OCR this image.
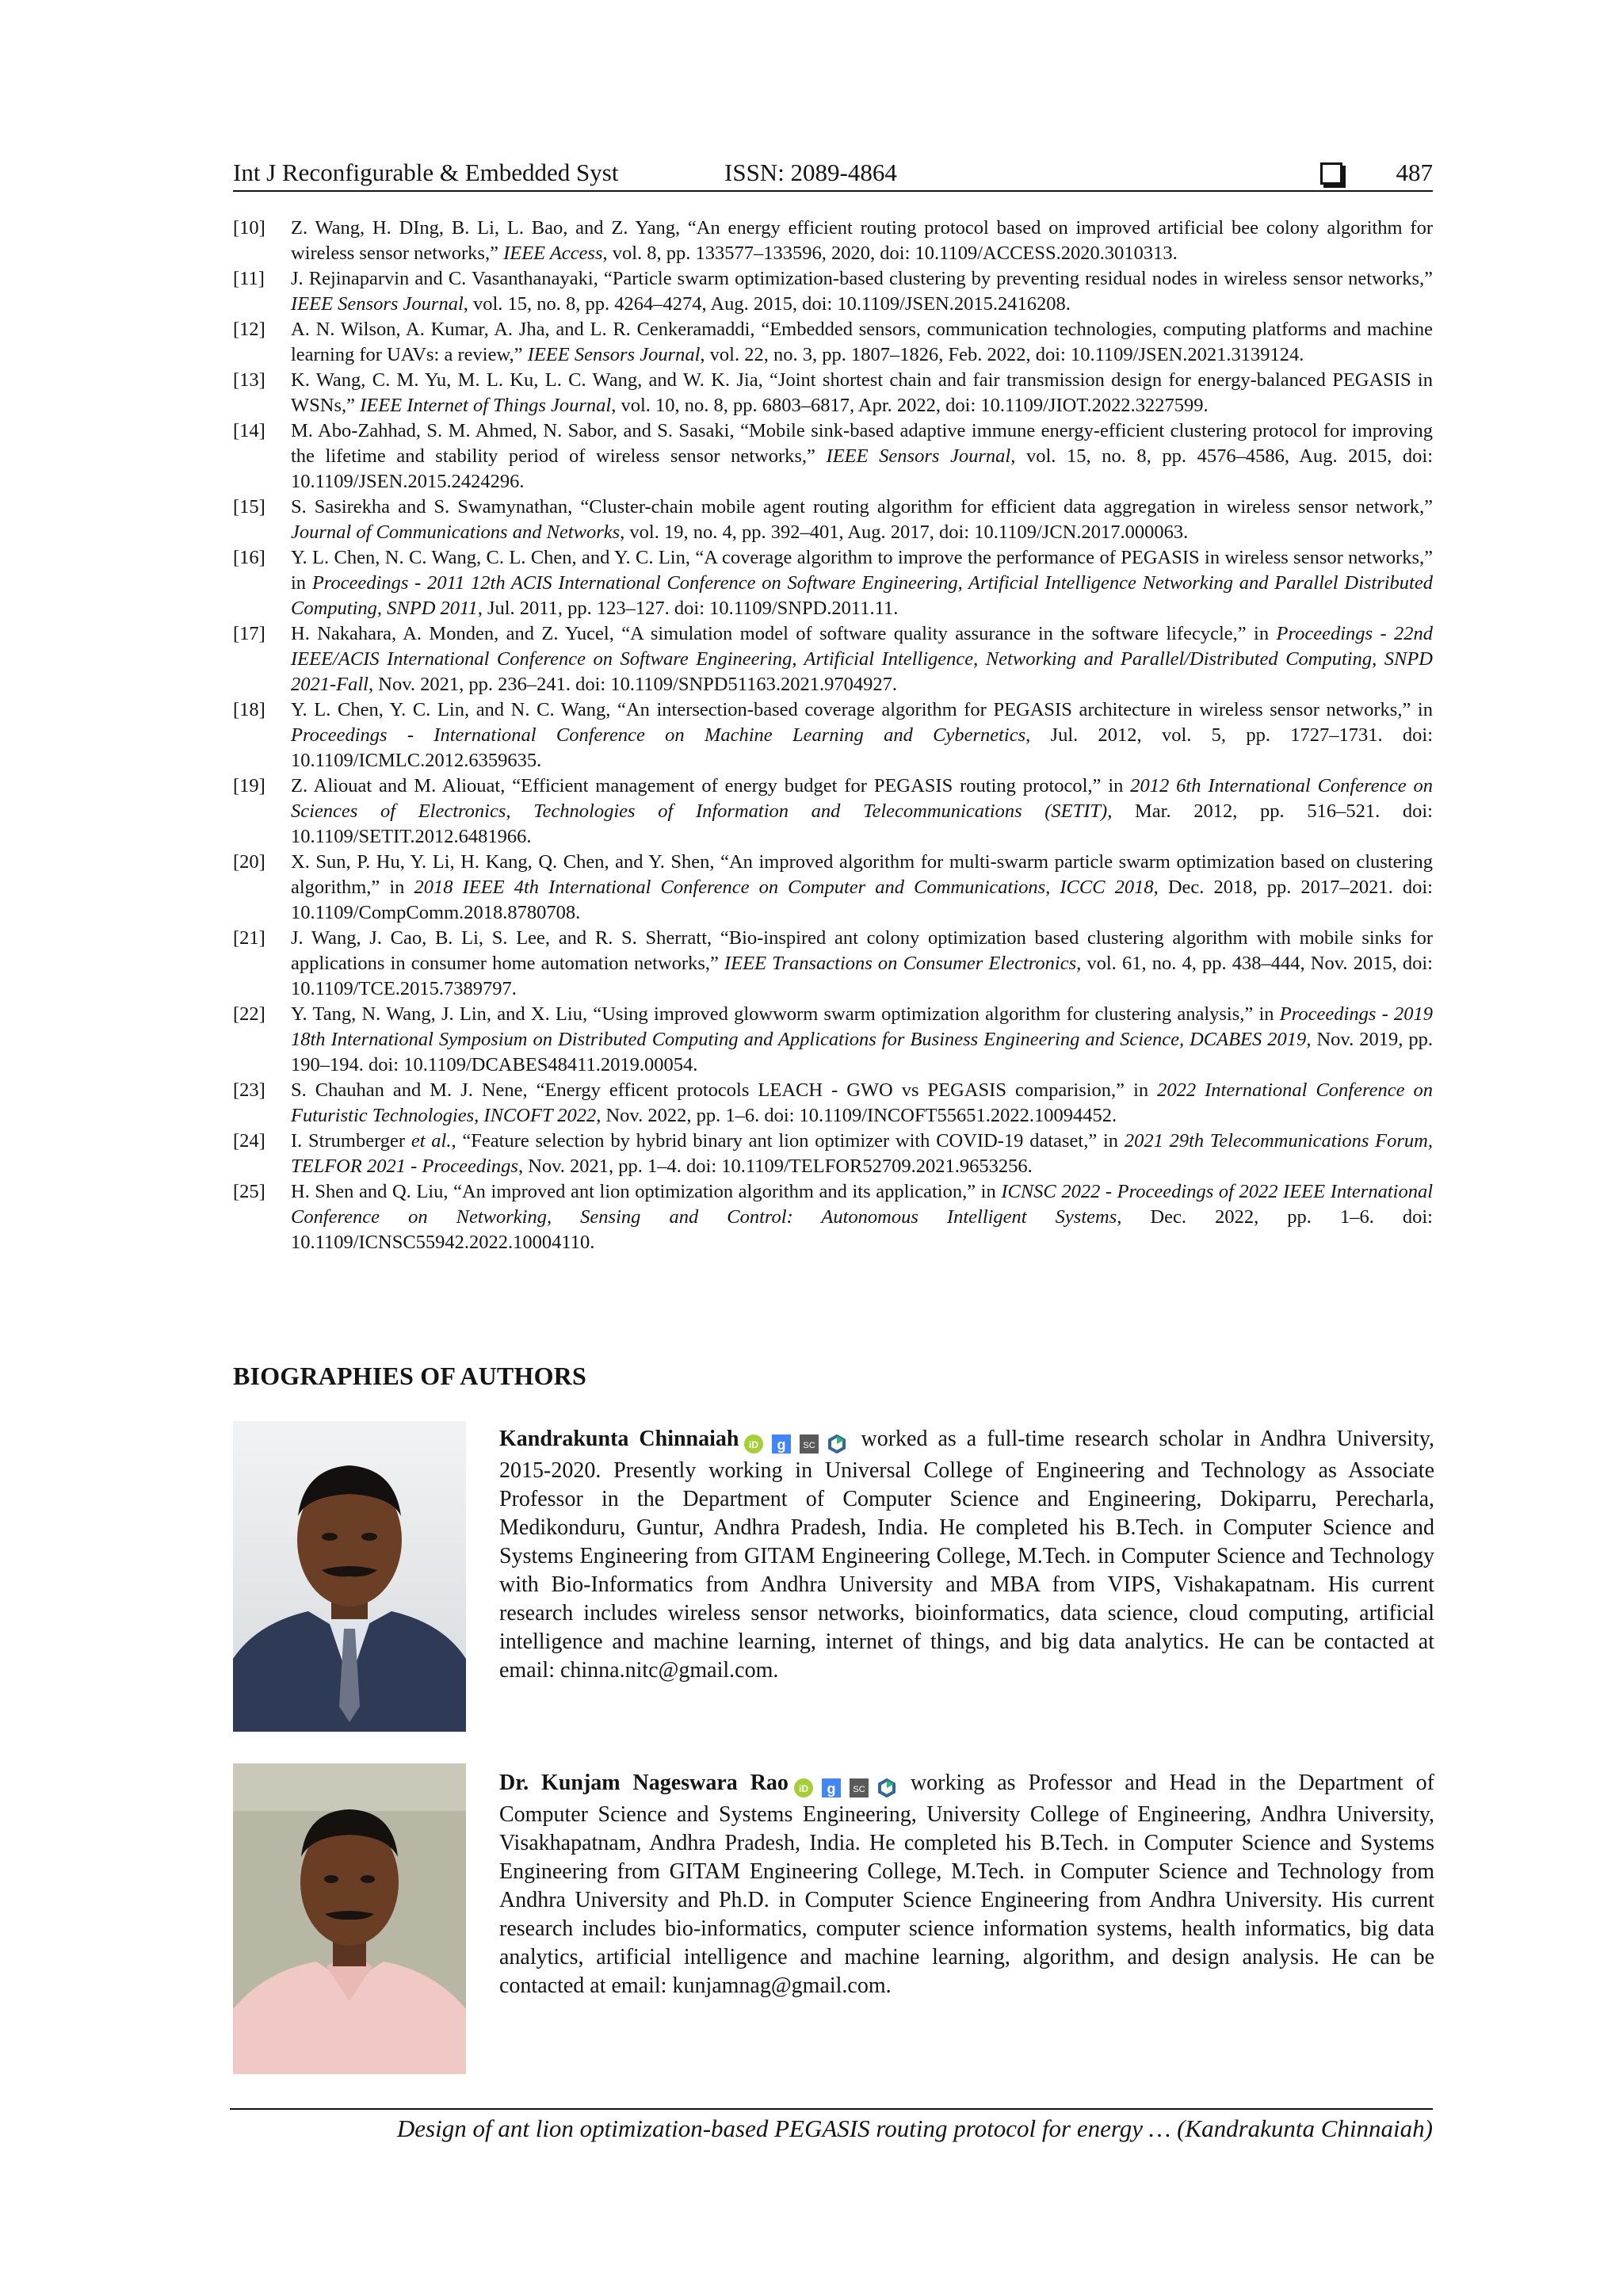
Int J Reconfigurable & Embedded Syst	ISSN: 2089-4864	487

[10] Z. Wang, H. DIng, B. Li, L. Bao, and Z. Yang, “An energy efficient routing protocol based on improved artificial bee colony algorithm for wireless sensor networks,” IEEE Access, vol. 8, pp. 133577–133596, 2020, doi: 10.1109/ACCESS.2020.3010313.

[11] J. Rejinaparvin and C. Vasanthanayaki, “Particle swarm optimization-based clustering by preventing residual nodes in wireless sensor networks,” IEEE Sensors Journal, vol. 15, no. 8, pp. 4264–4274, Aug. 2015, doi: 10.1109/JSEN.2015.2416208.

[12] A. N. Wilson, A. Kumar, A. Jha, and L. R. Cenkeramaddi, “Embedded sensors, communication technologies, computing platforms and machine learning for UAVs: a review,” IEEE Sensors Journal, vol. 22, no. 3, pp. 1807–1826, Feb. 2022, doi: 10.1109/JSEN.2021.3139124.

[13] K. Wang, C. M. Yu, M. L. Ku, L. C. Wang, and W. K. Jia, “Joint shortest chain and fair transmission design for energy-balanced PEGASIS in WSNs,” IEEE Internet of Things Journal, vol. 10, no. 8, pp. 6803–6817, Apr. 2022, doi: 10.1109/JIOT.2022.3227599.

[14] M. Abo-Zahhad, S. M. Ahmed, N. Sabor, and S. Sasaki, “Mobile sink-based adaptive immune energy-efficient clustering protocol for improving the lifetime and stability period of wireless sensor networks,” IEEE Sensors Journal, vol. 15, no. 8, pp. 4576–4586, Aug. 2015, doi: 10.1109/JSEN.2015.2424296.

[15] S. Sasirekha and S. Swamynathan, “Cluster-chain mobile agent routing algorithm for efficient data aggregation in wireless sensor network,” Journal of Communications and Networks, vol. 19, no. 4, pp. 392–401, Aug. 2017, doi: 10.1109/JCN.2017.000063.

[16] Y. L. Chen, N. C. Wang, C. L. Chen, and Y. C. Lin, “A coverage algorithm to improve the performance of PEGASIS in wireless sensor networks,” in Proceedings - 2011 12th ACIS International Conference on Software Engineering, Artificial Intelligence Networking and Parallel Distributed Computing, SNPD 2011, Jul. 2011, pp. 123–127. doi: 10.1109/SNPD.2011.11.

[17] H. Nakahara, A. Monden, and Z. Yucel, “A simulation model of software quality assurance in the software lifecycle,” in Proceedings - 22nd IEEE/ACIS International Conference on Software Engineering, Artificial Intelligence, Networking and Parallel/Distributed Computing, SNPD 2021-Fall, Nov. 2021, pp. 236–241. doi: 10.1109/SNPD51163.2021.9704927.

[18] Y. L. Chen, Y. C. Lin, and N. C. Wang, “An intersection-based coverage algorithm for PEGASIS architecture in wireless sensor networks,” in Proceedings - International Conference on Machine Learning and Cybernetics, Jul. 2012, vol. 5, pp. 1727–1731. doi: 10.1109/ICMLC.2012.6359635.

[19] Z. Aliouat and M. Aliouat, “Efficient management of energy budget for PEGASIS routing protocol,” in 2012 6th International Conference on Sciences of Electronics, Technologies of Information and Telecommunications (SETIT), Mar. 2012, pp. 516–521. doi: 10.1109/SETIT.2012.6481966.

[20] X. Sun, P. Hu, Y. Li, H. Kang, Q. Chen, and Y. Shen, “An improved algorithm for multi-swarm particle swarm optimization based on clustering algorithm,” in 2018 IEEE 4th International Conference on Computer and Communications, ICCC 2018, Dec. 2018, pp. 2017–2021. doi: 10.1109/CompComm.2018.8780708.

[21] J. Wang, J. Cao, B. Li, S. Lee, and R. S. Sherratt, “Bio-inspired ant colony optimization based clustering algorithm with mobile sinks for applications in consumer home automation networks,” IEEE Transactions on Consumer Electronics, vol. 61, no. 4, pp. 438–444, Nov. 2015, doi: 10.1109/TCE.2015.7389797.

[22] Y. Tang, N. Wang, J. Lin, and X. Liu, “Using improved glowworm swarm optimization algorithm for clustering analysis,” in Proceedings - 2019 18th International Symposium on Distributed Computing and Applications for Business Engineering and Science, DCABES 2019, Nov. 2019, pp. 190–194. doi: 10.1109/DCABES48411.2019.00054.

[23] S. Chauhan and M. J. Nene, “Energy efficent protocols LEACH - GWO vs PEGASIS comparision,” in 2022 International Conference on Futuristic Technologies, INCOFT 2022, Nov. 2022, pp. 1–6. doi: 10.1109/INCOFT55651.2022.10094452.

[24] I. Strumberger et al., “Feature selection by hybrid binary ant lion optimizer with COVID-19 dataset,” in 2021 29th Telecommunications Forum, TELFOR 2021 - Proceedings, Nov. 2021, pp. 1–4. doi: 10.1109/TELFOR52709.2021.9653256.

[25] H. Shen and Q. Liu, “An improved ant lion optimization algorithm and its application,” in ICNSC 2022 - Proceedings of 2022 IEEE International Conference on Networking, Sensing and Control: Autonomous Intelligent Systems, Dec. 2022, pp. 1–6. doi: 10.1109/ICNSC55942.2022.10004110.

BIOGRAPHIES OF AUTHORS
Kandrakunta Chinnaiah iD g SC worked as a full-time research scholar in Andhra University, 2015-2020. Presently working in Universal College of Engineering and Technology as Associate Professor in the Department of Computer Science and Engineering, Dokiparru, Perecharla, Medikonduru, Guntur, Andhra Pradesh, India. He completed his B.Tech. in Computer Science and Systems Engineering from GITAM Engineering College, M.Tech. in Computer Science and Technology with Bio-Informatics from Andhra University and MBA from VIPS, Vishakapatnam. His current research includes wireless sensor networks, bioinformatics, data science, cloud computing, artificial intelligence and machine learning, internet of things, and big data analytics. He can be contacted at email: chinna.nitc@gmail.com.
Dr. Kunjam Nageswara Rao iD g SC working as Professor and Head in the Department of Computer Science and Systems Engineering, University College of Engineering, Andhra University, Visakhapatnam, Andhra Pradesh, India. He completed his B.Tech. in Computer Science and Systems Engineering from GITAM Engineering College, M.Tech. in Computer Science and Technology from Andhra University and Ph.D. in Computer Science Engineering from Andhra University. His current research includes bio-informatics, computer science information systems, health informatics, big data analytics, artificial intelligence and machine learning, algorithm, and design analysis. He can be contacted at email: kunjamnag@gmail.com.
Design of ant lion optimization-based PEGASIS routing protocol for energy … (Kandrakunta Chinnaiah)
